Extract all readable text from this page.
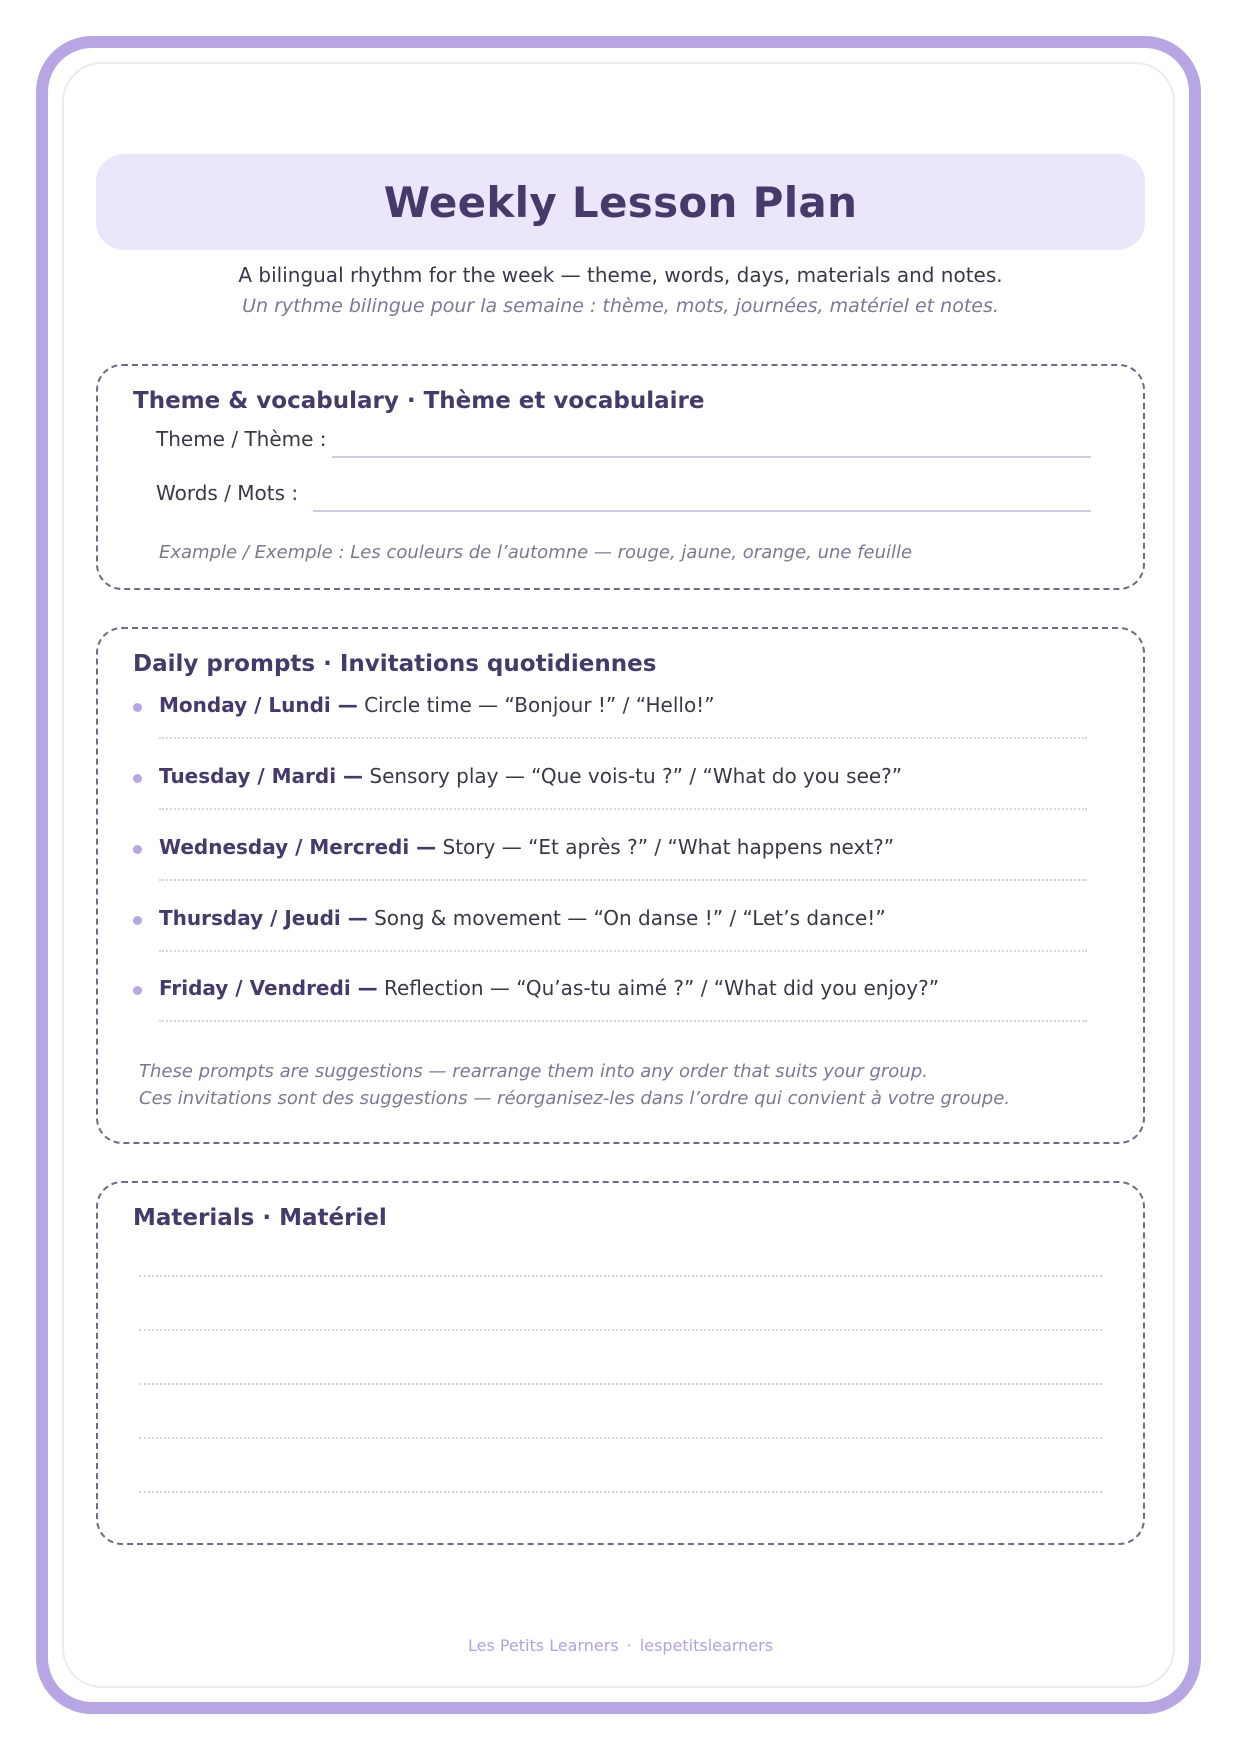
Weekly Lesson Plan
A bilingual rhythm for the week — theme, words, days, materials and notes.
Un rythme bilingue pour la semaine : thème, mots, journées, matériel et notes.
Theme & vocabulary · Thème et vocabulaire
Theme / Thème :
Words / Mots :
Example / Exemple : Les couleurs de l’automne — rouge, jaune, orange, une feuille
Daily prompts · Invitations quotidiennes
Monday / Lundi — Circle time — “Bonjour !” / “Hello!”
Tuesday / Mardi — Sensory play — “Que vois-tu ?” / “What do you see?”
Wednesday / Mercredi — Story — “Et après ?” / “What happens next?”
Thursday / Jeudi — Song & movement — “On danse !” / “Let’s dance!”
Friday / Vendredi — Reflection — “Qu’as-tu aimé ?” / “What did you enjoy?”
These prompts are suggestions — rearrange them into any order that suits your group.
Ces invitations sont des suggestions — réorganisez-les dans l’ordre qui convient à votre groupe.
Materials · Matériel
Les Petits Learners · lespetitslearners
